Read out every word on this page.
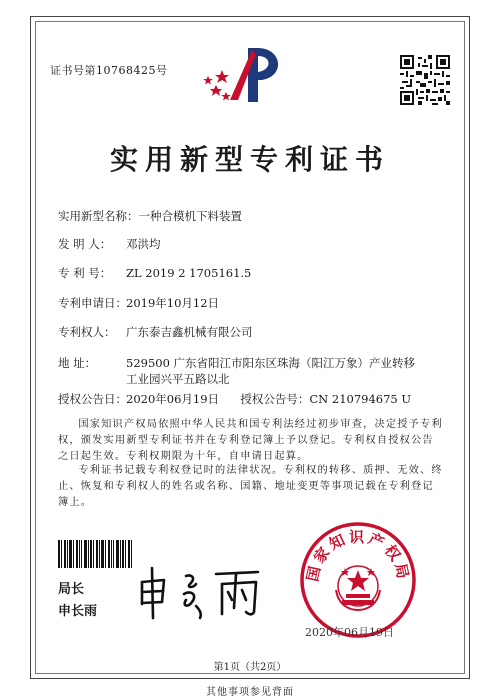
证书号第10768425号
实用新型专利证书
实用新型名称：一种合模机下料装置
发 明 人： 邓洪均
专 利 号： ZL 2019 2 1705161.5
专利申请日：2019年10月12日
专利权人： 广东泰吉鑫机械有限公司
地 址：	529500 广东省阳江市阳东区珠海（阳江万象）产业转移
工业园兴平五路以北
授权公告日：2020年06月19日 授权公告号：CN 210794675 U
国家知识产权局依照中华人民共和国专利法经过初步审查，决定授予专利权，颁发实用新型专利证书并在专利登记簿上予以登记。专利权自授权公告之日起生效。专利权期限为十年，自申请日起算。
专利证书记载专利权登记时的法律状况。专利权的转移、质押、无效、终止、恢复和专利权人的姓名或名称、国籍、地址变更等事项记载在专利登记簿上。
局长
申长雨
国家知识产权局
2020年06月19日
第1页（共2页）
其他事项参见背面
